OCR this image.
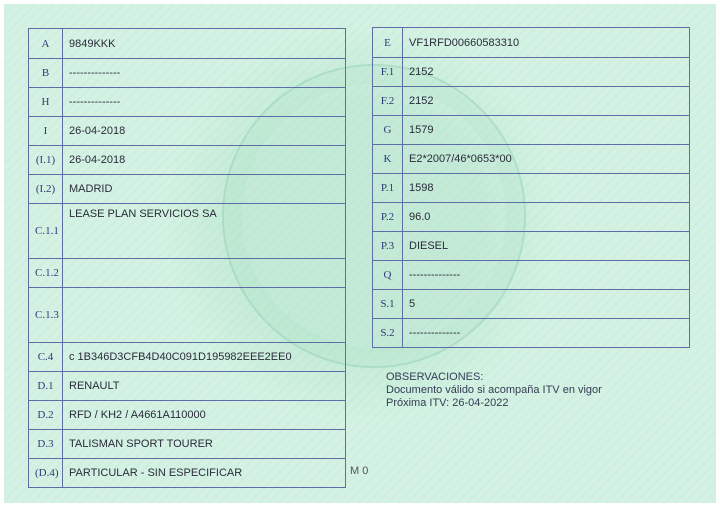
A	9849KKK
B	--------------
H	--------------
I	26-04-2018
(I.1)	26-04-2018
(I.2)	MADRID
C.1.1	LEASE PLAN SERVICIOS SA
C.1.2	
C.1.3	
C.4	c 1B346D3CFB4D40C091D195982EEE2EE0
D.1	RENAULT
D.2	RFD / KH2 / A4661A110000
D.3	TALISMAN SPORT TOURER
(D.4)	PARTICULAR - SIN ESPECIFICAR
E	VF1RFD00660583310
F.1	2152
F.2	2152
G	1579
K	E2*2007/46*0653*00
P.1	1598
P.2	96.0
P.3	DIESEL
Q	--------------
S.1	5
S.2	--------------
OBSERVACIONES:
Documento válido si acompaña ITV en vigor
Próxima ITV: 26-04-2022
M 0
